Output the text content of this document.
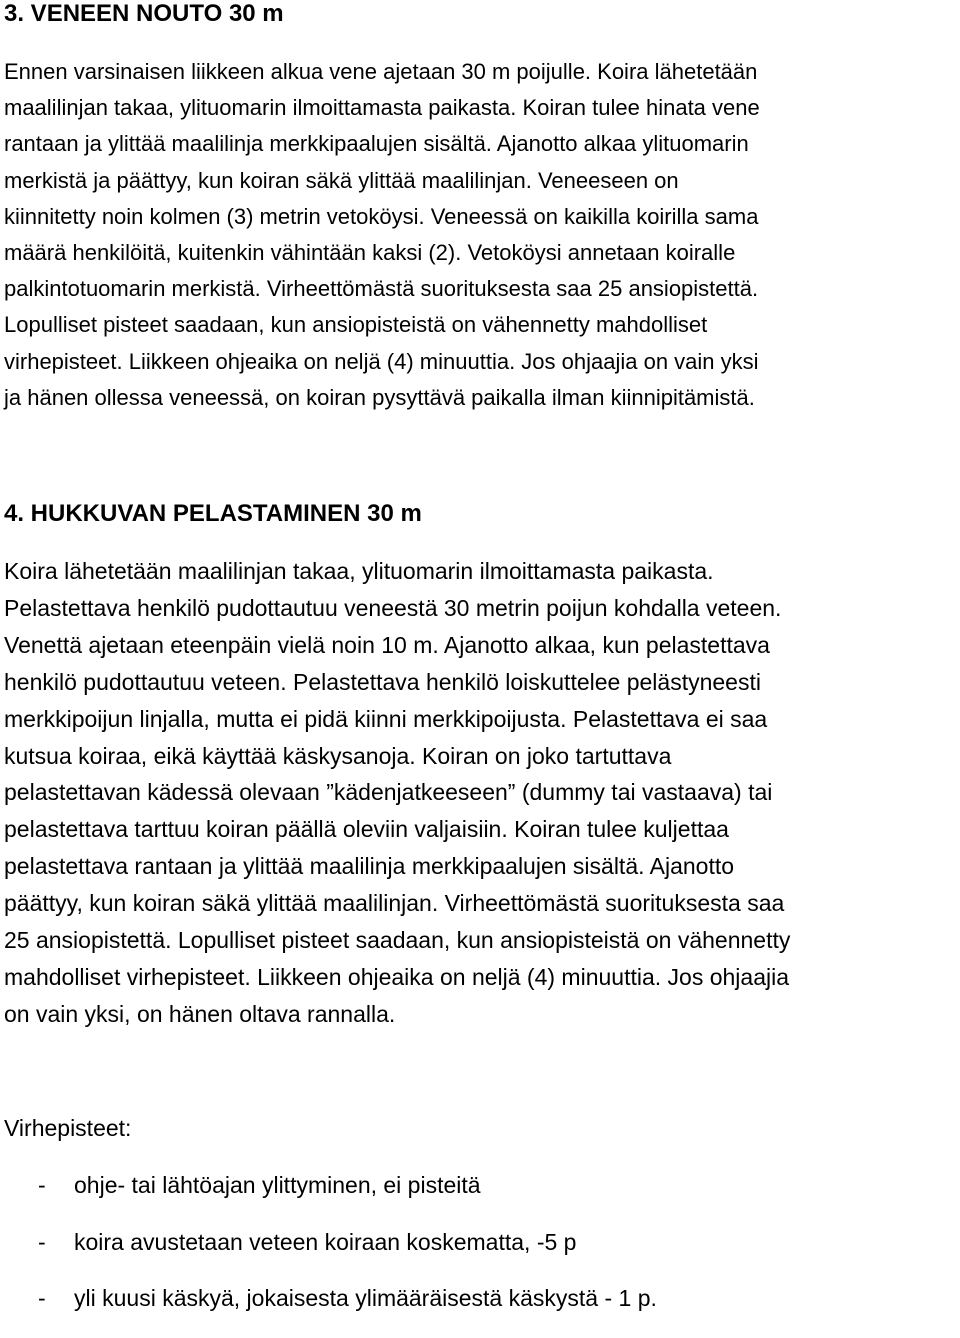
3. VENEEN NOUTO 30 m

Ennen varsinaisen liikkeen alkua vene ajetaan 30 m poijulle. Koira lähetetään
maalilinjan takaa, ylituomarin ilmoittamasta paikasta. Koiran tulee hinata vene
rantaan ja ylittää maalilinja merkkipaalujen sisältä. Ajanotto alkaa ylituomarin
merkistä ja päättyy, kun koiran säkä ylittää maalilinjan. Veneeseen on
kiinnitetty noin kolmen (3) metrin vetoköysi. Veneessä on kaikilla koirilla sama
määrä henkilöitä, kuitenkin vähintään kaksi (2). Vetoköysi annetaan koiralle
palkintotuomarin merkistä. Virheettömästä suorituksesta saa 25 ansiopistettä.
Lopulliset pisteet saadaan, kun ansiopisteistä on vähennetty mahdolliset
virhepisteet. Liikkeen ohjeaika on neljä (4) minuuttia. Jos ohjaajia on vain yksi
ja hänen ollessa veneessä, on koiran pysyttävä paikalla ilman kiinnipitämistä.

4. HUKKUVAN PELASTAMINEN 30 m

Koira lähetetään maalilinjan takaa, ylituomarin ilmoittamasta paikasta.
Pelastettava henkilö pudottautuu veneestä 30 metrin poijun kohdalla veteen.
Venettä ajetaan eteenpäin vielä noin 10 m. Ajanotto alkaa, kun pelastettava
henkilö pudottautuu veteen. Pelastettava henkilö loiskuttelee pelästyneesti
merkkipoijun linjalla, mutta ei pidä kiinni merkkipoijusta. Pelastettava ei saa
kutsua koiraa, eikä käyttää käskysanoja. Koiran on joko tartuttava
pelastettavan kädessä olevaan ”kädenjatkeeseen” (dummy tai vastaava) tai
pelastettava tarttuu koiran päällä oleviin valjaisiin. Koiran tulee kuljettaa
pelastettava rantaan ja ylittää maalilinja merkkipaalujen sisältä. Ajanotto
päättyy, kun koiran säkä ylittää maalilinjan. Virheettömästä suorituksesta saa
25 ansiopistettä. Lopulliset pisteet saadaan, kun ansiopisteistä on vähennetty
mahdolliset virhepisteet. Liikkeen ohjeaika on neljä (4) minuuttia. Jos ohjaajia
on vain yksi, on hänen oltava rannalla.

Virhepisteet:

- ohje- tai lähtöajan ylittyminen, ei pisteitä
- koira avustetaan veteen koiraan koskematta, -5 p
- yli kuusi käskyä, jokaisesta ylimääräisestä käskystä - 1 p.
